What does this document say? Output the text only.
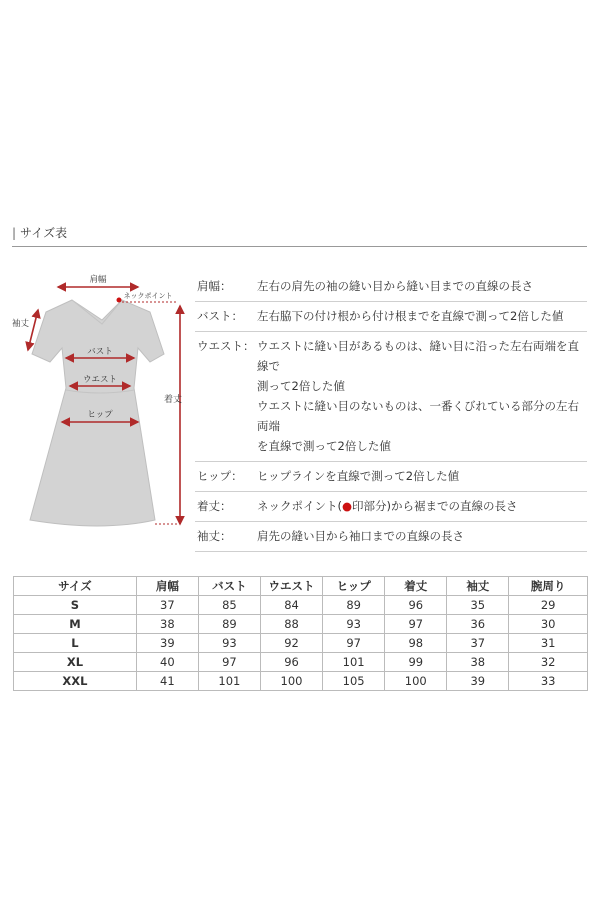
| サイズ表
肩幅
ネックポイント
袖丈
バスト
ウエスト
ヒップ
着丈
肩幅：	左右の肩先の袖の縫い目から縫い目までの直線の長さ
バスト：	左右脇下の付け根から付け根までを直線で測って2倍した値
ウエスト： ウエストに縫い目があるものは、縫い目に沿った左右両端を直線で
測って2倍した値
ウエストに縫い目のないものは、一番くびれている部分の左右両端
を直線で測って2倍した値
ヒップ：	ヒップラインを直線で測って2倍した値
着丈：	ネックポイント(●印部分)から裾までの直線の長さ
袖丈：	肩先の縫い目から袖口までの直線の長さ
サイズ	肩幅	バスト	ウエスト	ヒップ	着丈	袖丈	腕周り
S	37	85	84	89	96	35	29
M	38	89	88	93	97	36	30
L	39	93	92	97	98	37	31
XL	40	97	96	101	99	38	32
XXL	41	101	100	105	100	39	33
